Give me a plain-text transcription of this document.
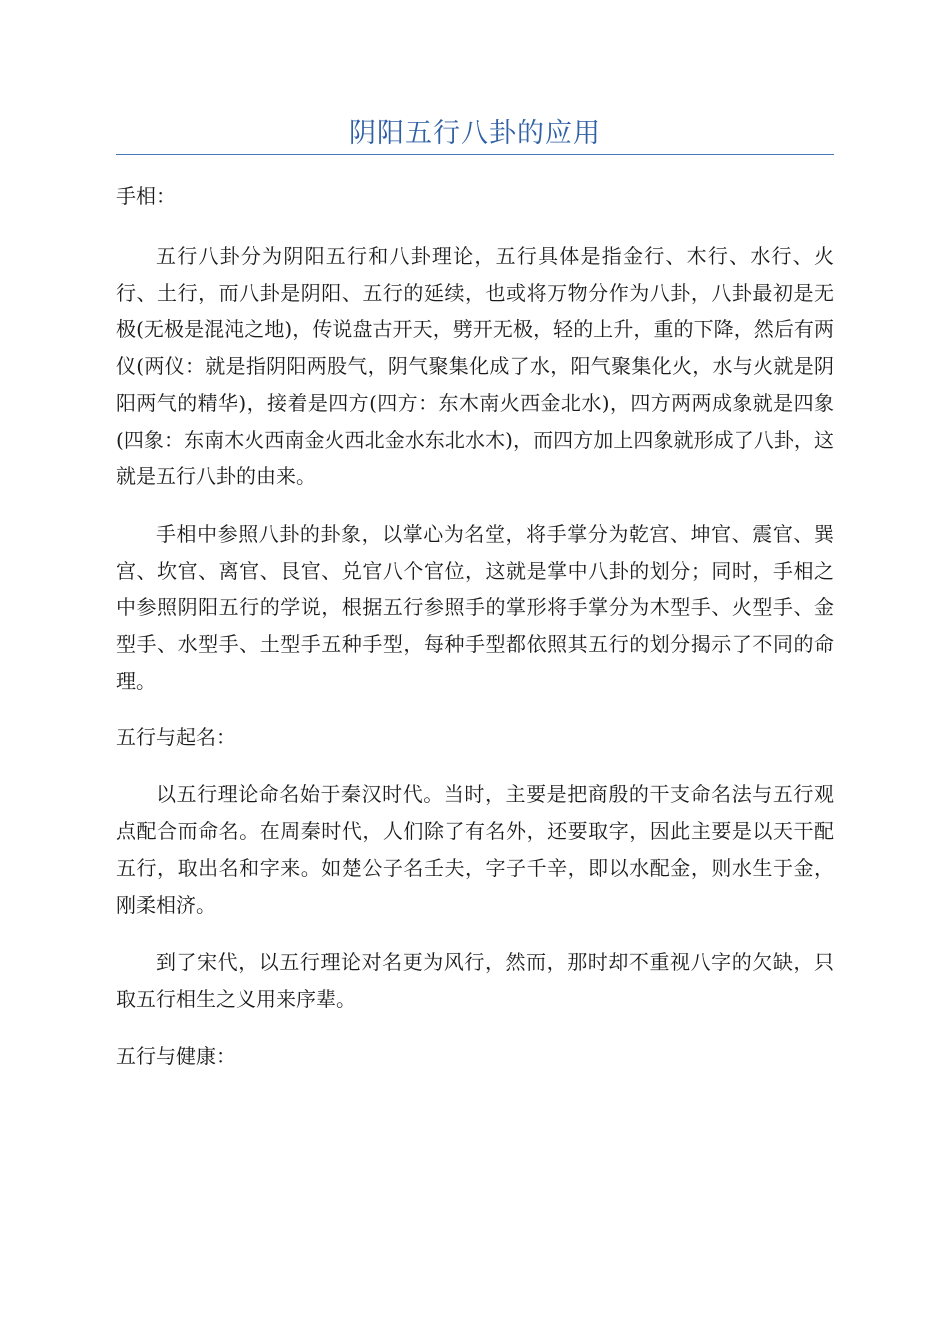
阴阳五行八卦的应用

手相：

五行八卦分为阴阳五行和八卦理论，五行具体是指金行、木行、水行、火行、土行，而八卦是阴阳、五行的延续，也或将万物分作为八卦，八卦最初是无极(无极是混沌之地)，传说盘古开天，劈开无极，轻的上升，重的下降，然后有两仪(两仪：就是指阴阳两股气，阴气聚集化成了水，阳气聚集化火，水与火就是阴阳两气的精华)，接着是四方(四方：东木南火西金北水)，四方两两成象就是四象(四象：东南木火西南金火西北金水东北水木)，而四方加上四象就形成了八卦，这就是五行八卦的由来。

手相中参照八卦的卦象，以掌心为名堂，将手掌分为乾宫、坤官、震官、巽宫、坎官、离官、艮官、兑官八个官位，这就是掌中八卦的划分；同时，手相之中参照阴阳五行的学说，根据五行参照手的掌形将手掌分为木型手、火型手、金型手、水型手、土型手五种手型，每种手型都依照其五行的划分揭示了不同的命理。

五行与起名：

以五行理论命名始于秦汉时代。当时，主要是把商殷的干支命名法与五行观点配合而命名。在周秦时代，人们除了有名外，还要取字，因此主要是以天干配五行，取出名和字来。如楚公子名壬夫，字子千辛，即以水配金，则水生于金，刚柔相济。

到了宋代，以五行理论对名更为风行，然而，那时却不重视八字的欠缺，只取五行相生之义用来序辈。

五行与健康：
